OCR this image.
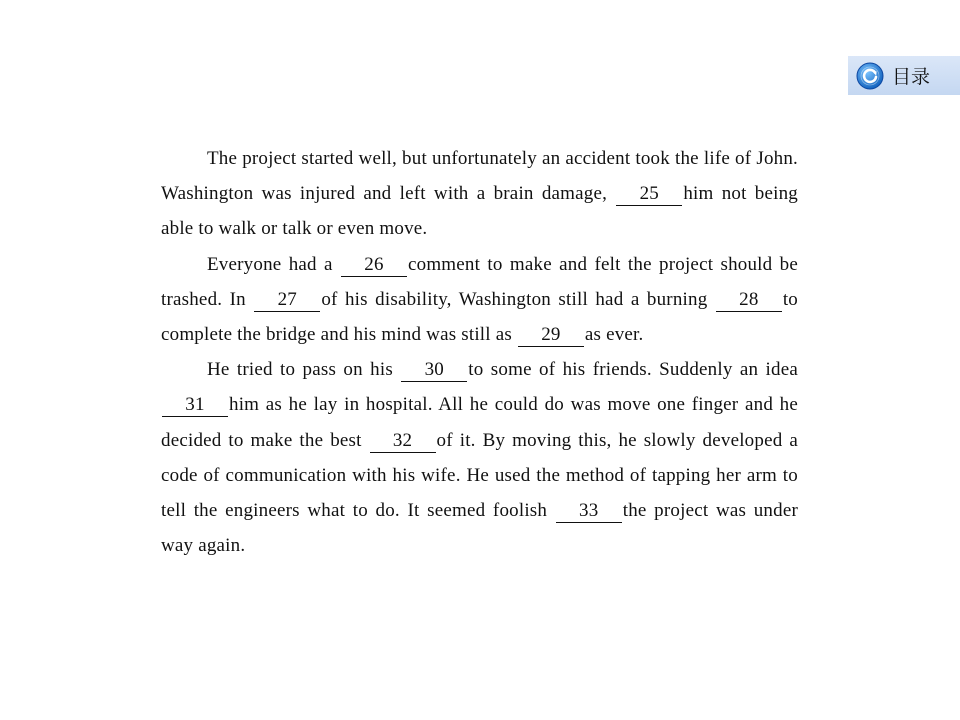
目录

The project started well, but unfortunately an accident took the life of John. Washington was injured and left with a brain damage, 25 him not being able to walk or talk or even move.

Everyone had a 26 comment to make and felt the project should be trashed. In 27 of his disability, Washington still had a burning 28 to complete the bridge and his mind was still as 29 as ever.

He tried to pass on his 30 to some of his friends. Suddenly an idea 31 him as he lay in hospital. All he could do was move one finger and he decided to make the best 32 of it. By moving this, he slowly developed a code of communication with his wife. He used the method of tapping her arm to tell the engineers what to do. It seemed foolish 33 the project was under way again.
